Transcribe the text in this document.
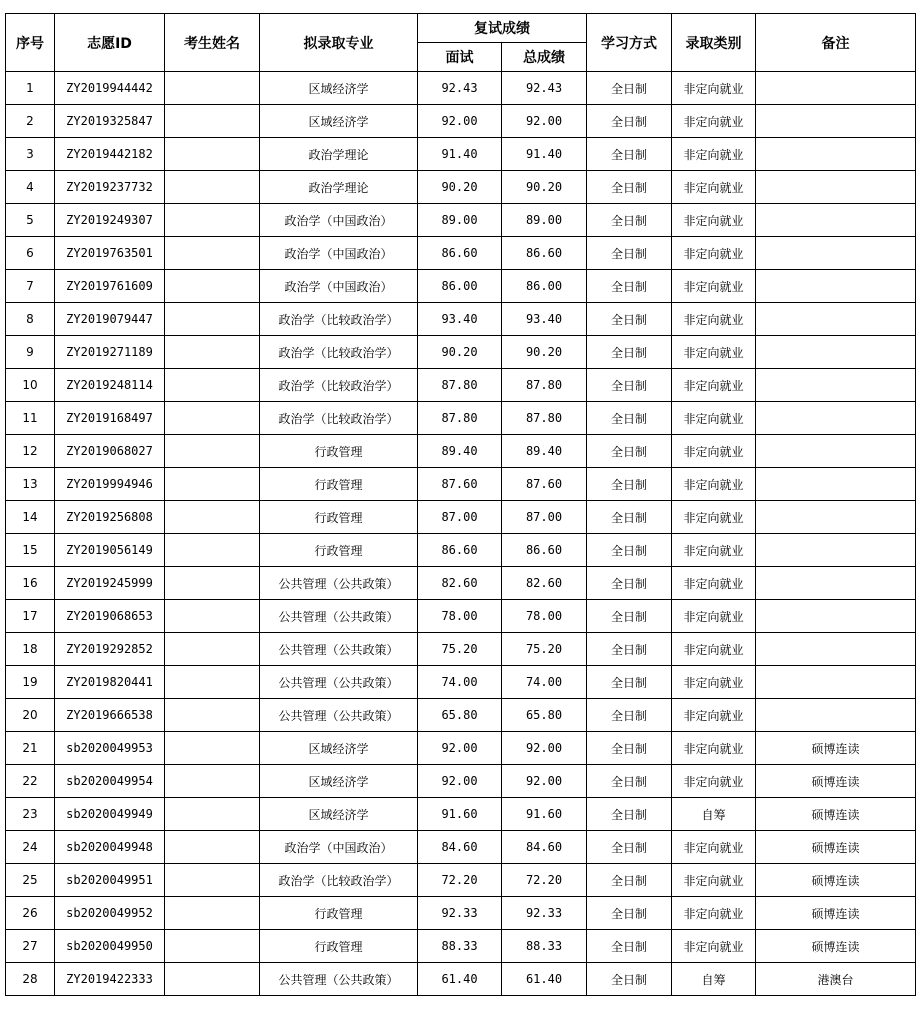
序号	志愿ID	考生姓名	拟录取专业	复试成绩		学习方式	录取类别	备注
				面试	总成绩			
1	ZY2019944442		区域经济学	92.43	92.43	全日制	非定向就业	
2	ZY2019325847		区域经济学	92.00	92.00	全日制	非定向就业	
3	ZY2019442182		政治学理论	91.40	91.40	全日制	非定向就业	
4	ZY2019237732		政治学理论	90.20	90.20	全日制	非定向就业	
5	ZY2019249307		政治学（中国政治）	89.00	89.00	全日制	非定向就业	
6	ZY2019763501		政治学（中国政治）	86.60	86.60	全日制	非定向就业	
7	ZY2019761609		政治学（中国政治）	86.00	86.00	全日制	非定向就业	
8	ZY2019079447		政治学（比较政治学）	93.40	93.40	全日制	非定向就业	
9	ZY2019271189		政治学（比较政治学）	90.20	90.20	全日制	非定向就业	
10	ZY2019248114		政治学（比较政治学）	87.80	87.80	全日制	非定向就业	
11	ZY2019168497		政治学（比较政治学）	87.80	87.80	全日制	非定向就业	
12	ZY2019068027		行政管理	89.40	89.40	全日制	非定向就业	
13	ZY2019994946		行政管理	87.60	87.60	全日制	非定向就业	
14	ZY2019256808		行政管理	87.00	87.00	全日制	非定向就业	
15	ZY2019056149		行政管理	86.60	86.60	全日制	非定向就业	
16	ZY2019245999		公共管理（公共政策）	82.60	82.60	全日制	非定向就业	
17	ZY2019068653		公共管理（公共政策）	78.00	78.00	全日制	非定向就业	
18	ZY2019292852		公共管理（公共政策）	75.20	75.20	全日制	非定向就业	
19	ZY2019820441		公共管理（公共政策）	74.00	74.00	全日制	非定向就业	
20	ZY2019666538		公共管理（公共政策）	65.80	65.80	全日制	非定向就业	
21	sb2020049953		区域经济学	92.00	92.00	全日制	非定向就业	硕博连读
22	sb2020049954		区域经济学	92.00	92.00	全日制	非定向就业	硕博连读
23	sb2020049949		区域经济学	91.60	91.60	全日制	自筹	硕博连读
24	sb2020049948		政治学（中国政治）	84.60	84.60	全日制	非定向就业	硕博连读
25	sb2020049951		政治学（比较政治学）	72.20	72.20	全日制	非定向就业	硕博连读
26	sb2020049952		行政管理	92.33	92.33	全日制	非定向就业	硕博连读
27	sb2020049950		行政管理	88.33	88.33	全日制	非定向就业	硕博连读
28	ZY2019422333		公共管理（公共政策）	61.40	61.40	全日制	自筹	港澳台
